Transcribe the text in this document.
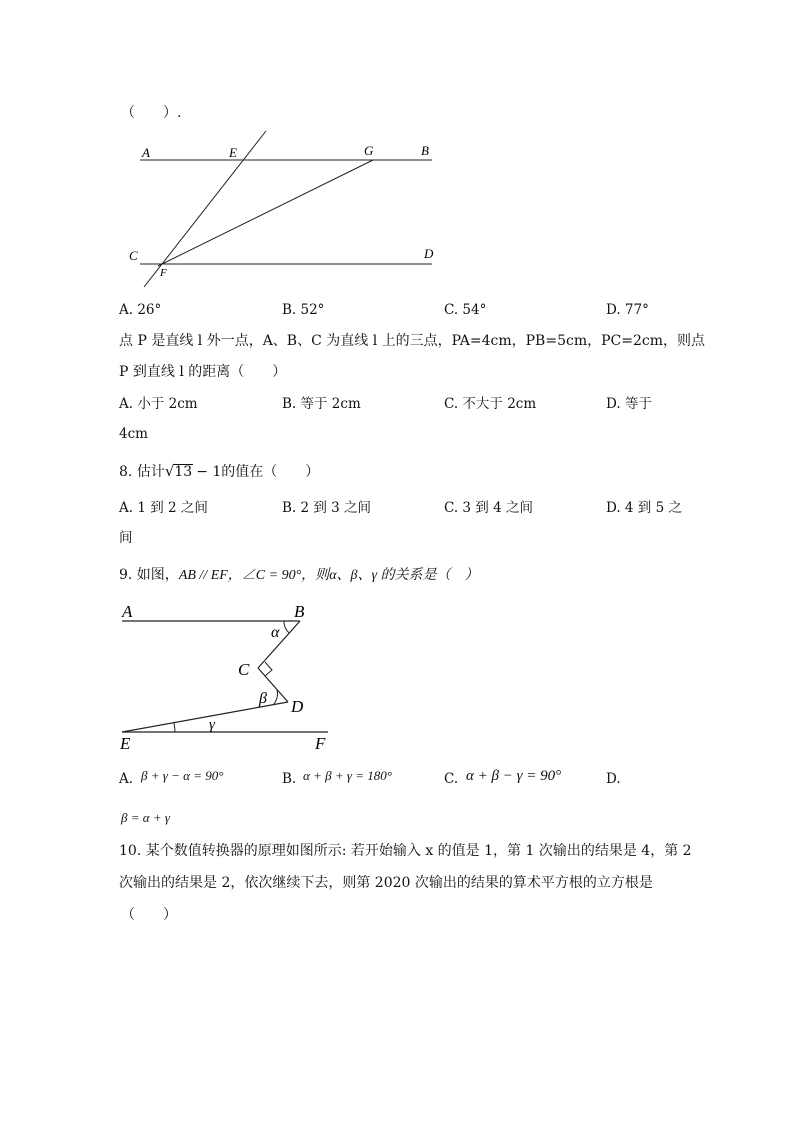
（　　）.
A	E	G	B
C
F
D
A. 26°	B. 52°	C. 54°	D. 77°
点 P 是直线 l 外一点，A、B、C 为直线 l 上的三点，PA=4cm，PB=5cm，PC=2cm，则点
P 到直线 l 的距离（　　）
A. 小于 2cm	B. 等于 2cm	C. 不大于 2cm	D. 等于
4cm
8. 估计√13 − 1的值在（　　）
A. 1 到 2 之间	B. 2 到 3 之间	C. 3 到 4 之间	D. 4 到 5 之
间
9. 如图，AB // EF，∠C = 90°，则α、β、γ 的关系是（　）
A	B
α
C
β D
γ
E	F
A. β + γ − α = 90°	B. α + β + γ = 180°	C. α + β − γ = 90°	D.
β = α + γ
10. 某个数值转换器的原理如图所示: 若开始输入 x 的值是 1，第 1 次输出的结果是 4，第 2
次输出的结果是 2，依次继续下去，则第 2020 次输出的结果的算术平方根的立方根是
（　　）
